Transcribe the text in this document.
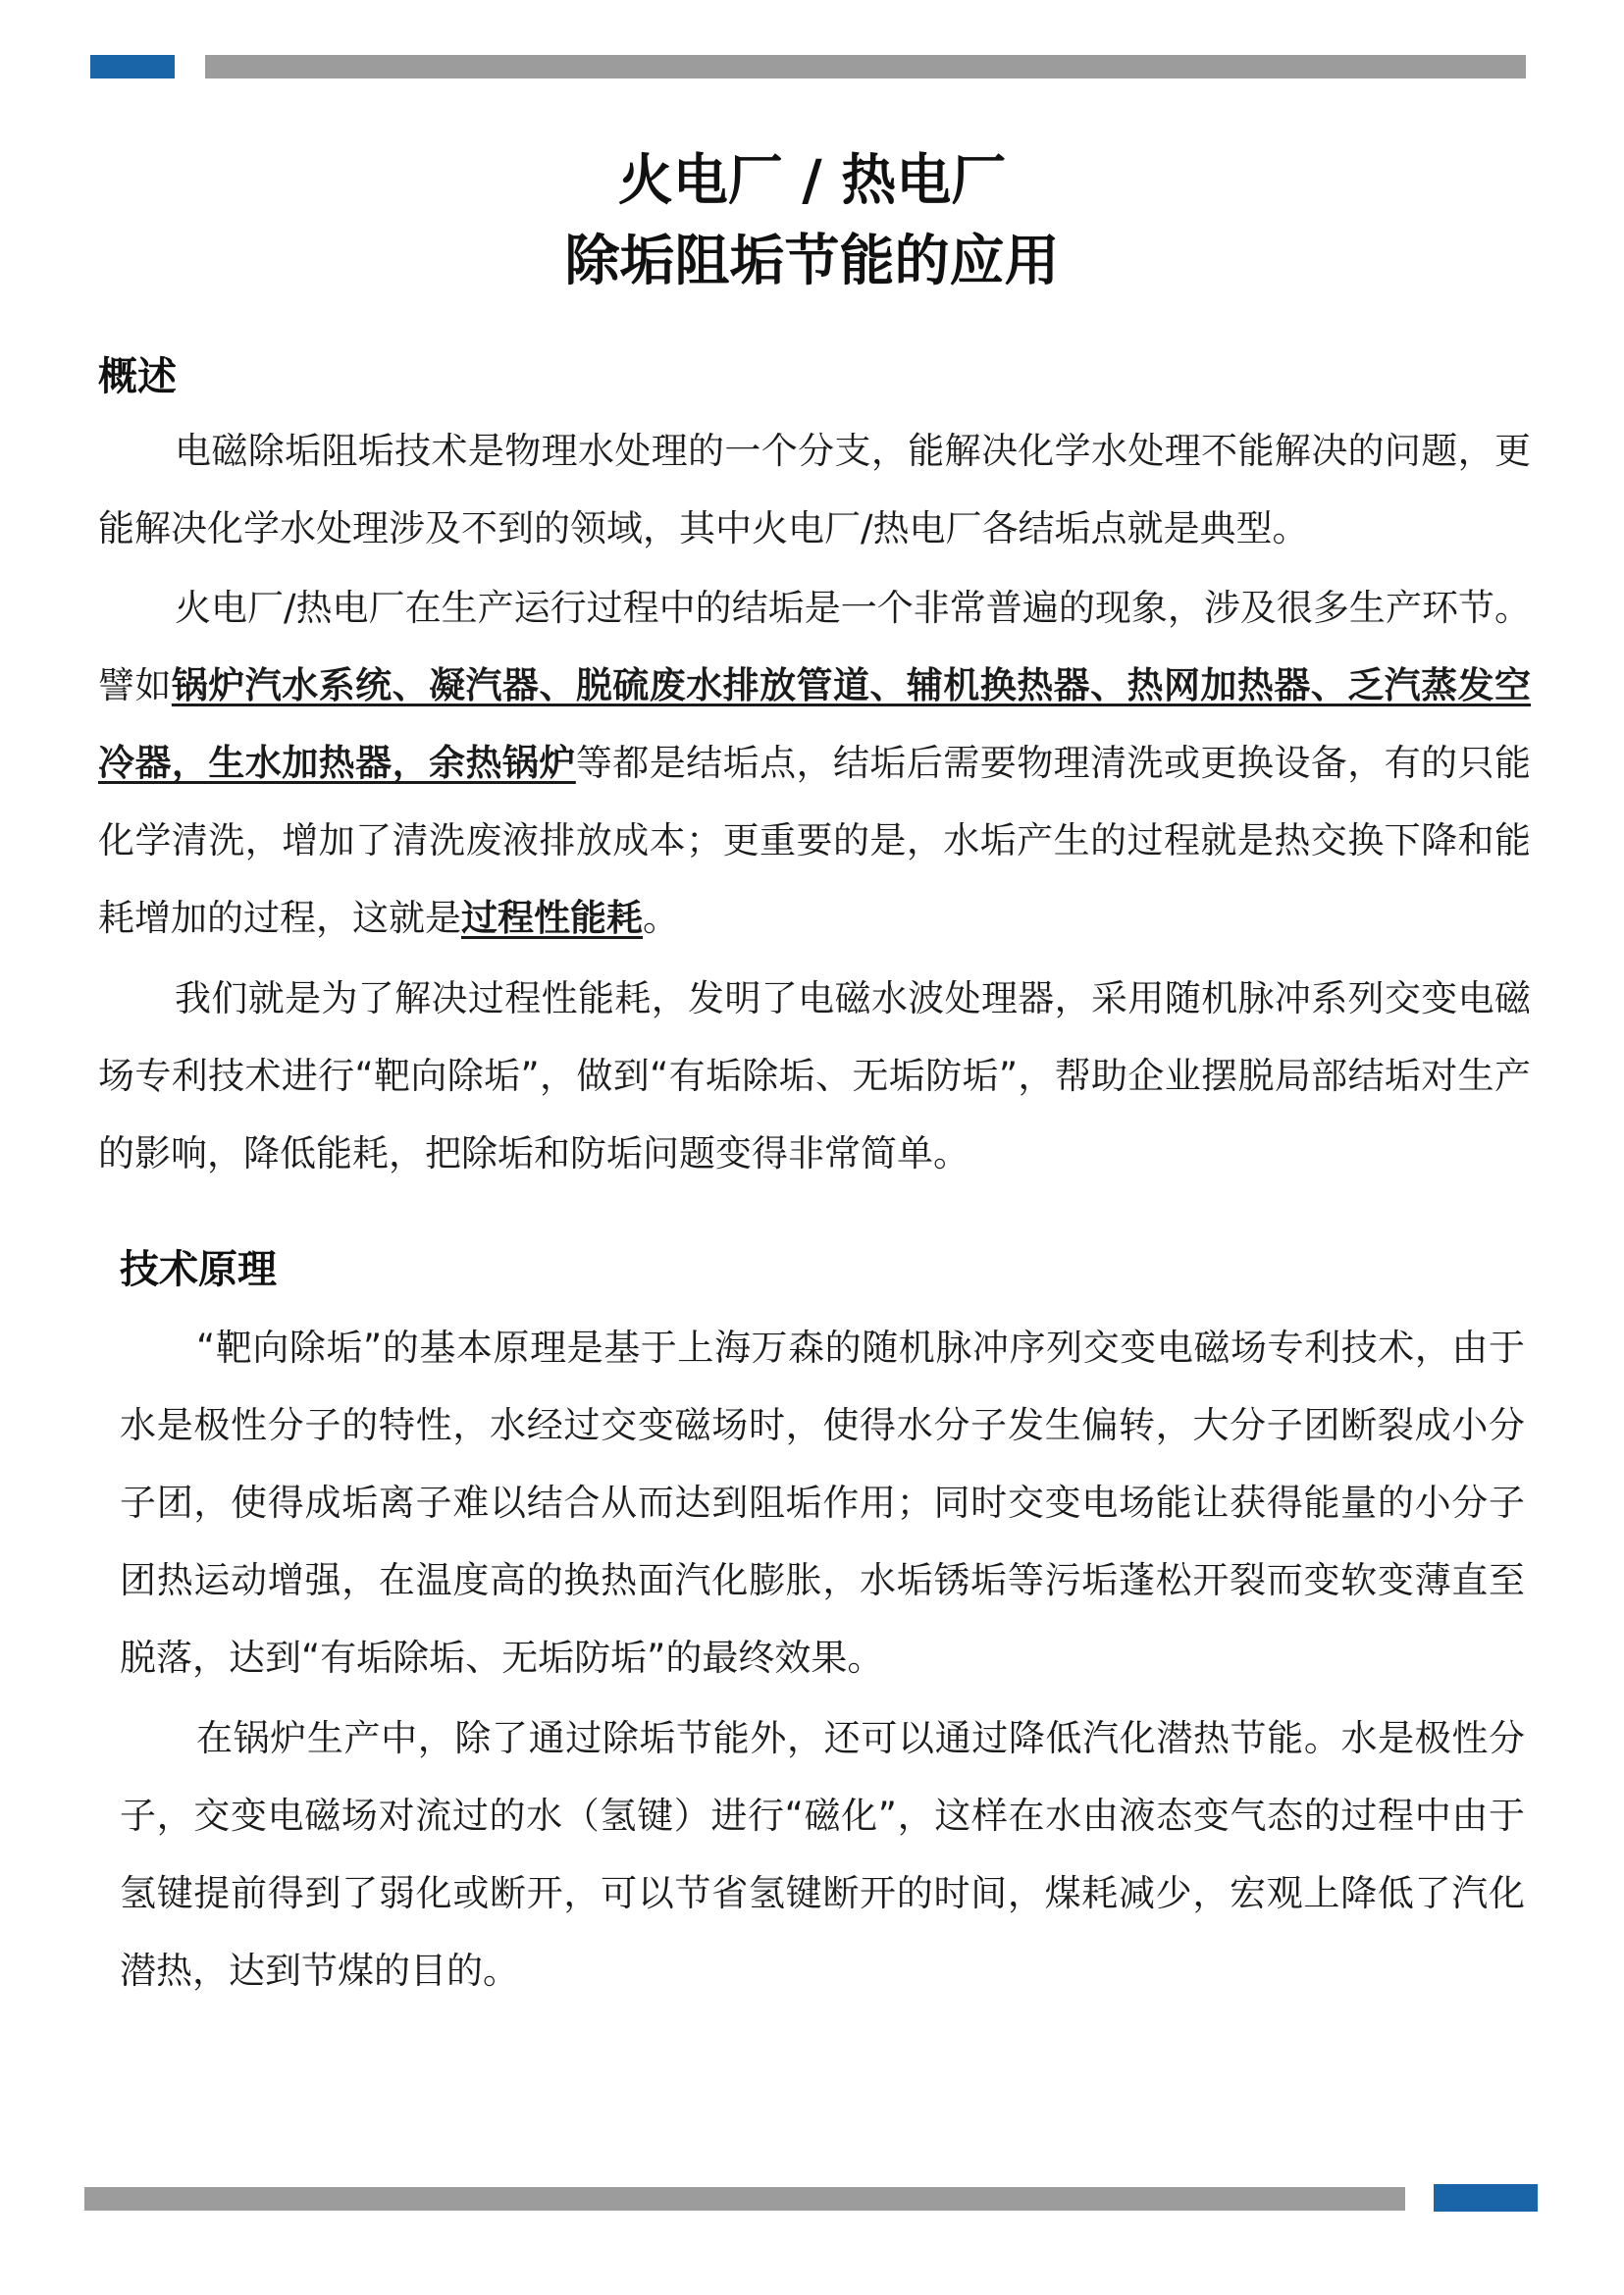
火电厂 / 热电厂
除垢阻垢节能的应用
概述

电磁除垢阻垢技术是物理水处理的一个分支，能解决化学水处理不能解决的问题，更能解决化学水处理涉及不到的领域，其中火电厂/热电厂各结垢点就是典型。

火电厂/热电厂在生产运行过程中的结垢是一个非常普遍的现象，涉及很多生产环节。譬如锅炉汽水系统、凝汽器、脱硫废水排放管道、辅机换热器、热网加热器、乏汽蒸发空冷器，生水加热器，余热锅炉等都是结垢点，结垢后需要物理清洗或更换设备，有的只能化学清洗，增加了清洗废液排放成本；更重要的是，水垢产生的过程就是热交换下降和能耗增加的过程，这就是过程性能耗。

我们就是为了解决过程性能耗，发明了电磁水波处理器，采用随机脉冲系列交变电磁场专利技术进行“靶向除垢”，做到“有垢除垢、无垢防垢”，帮助企业摆脱局部结垢对生产的影响，降低能耗，把除垢和防垢问题变得非常简单。

技术原理

“靶向除垢”的基本原理是基于上海万森的随机脉冲序列交变电磁场专利技术，由于水是极性分子的特性，水经过交变磁场时，使得水分子发生偏转，大分子团断裂成小分子团，使得成垢离子难以结合从而达到阻垢作用；同时交变电场能让获得能量的小分子团热运动增强，在温度高的换热面汽化膨胀，水垢锈垢等污垢蓬松开裂而变软变薄直至脱落，达到“有垢除垢、无垢防垢”的最终效果。

在锅炉生产中，除了通过除垢节能外，还可以通过降低汽化潜热节能。水是极性分子，交变电磁场对流过的水（氢键）进行“磁化”，这样在水由液态变气态的过程中由于氢键提前得到了弱化或断开，可以节省氢键断开的时间，煤耗减少，宏观上降低了汽化潜热，达到节煤的目的。
